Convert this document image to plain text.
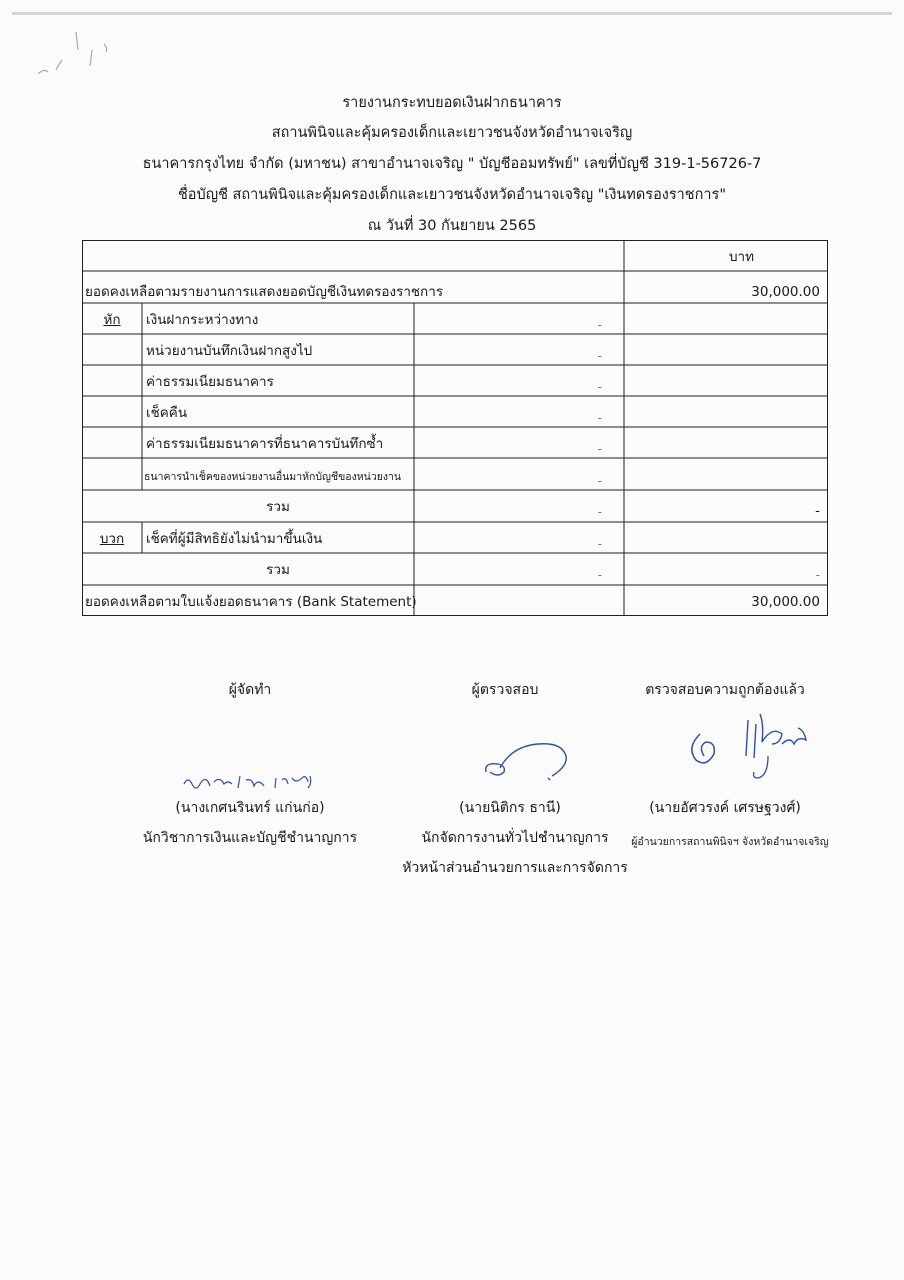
รายงานกระทบยอดเงินฝากธนาคาร
สถานพินิจและคุ้มครองเด็กและเยาวชนจังหวัดอำนาจเจริญ
ธนาคารกรุงไทย จำกัด (มหาชน) สาขาอำนาจเจริญ " บัญชีออมทรัพย์" เลขที่บัญชี 319-1-56726-7
ชื่อบัญชี สถานพินิจและคุ้มครองเด็กและเยาวชนจังหวัดอำนาจเจริญ "เงินทดรองราชการ"
ณ วันที่ 30 กันยายน 2565
บาท
ยอดคงเหลือตามรายงานการแสดงยอดบัญชีเงินทดรองราชการ	30,000.00
หัก	เงินฝากระหว่างทาง	-
หน่วยงานบันทึกเงินฝากสูงไป	-
ค่าธรรมเนียมธนาคาร	-
เช็คคืน	-
ค่าธรรมเนียมธนาคารที่ธนาคารบันทึกซ้ำ	-
ธนาคารนำเช็คของหน่วยงานอื่นมาหักบัญชีของหน่วยงาน	-
รวม	-	-
บวก	เช็คที่ผู้มีสิทธิยังไม่นำมาขึ้นเงิน	-
รวม	-	-
ยอดคงเหลือตามใบแจ้งยอดธนาคาร (Bank Statement)	30,000.00
ผู้จัดทำ
(นางเกศนรินทร์ แก่นก่อ)
นักวิชาการเงินและบัญชีชำนาญการ
ผู้ตรวจสอบ
(นายนิติกร ธานี)
นักจัดการงานทั่วไปชำนาญการ
หัวหน้าส่วนอำนวยการและการจัดการ
ตรวจสอบความถูกต้องแล้ว
(นายอัศวรงค์ เศรษฐวงศ์)
ผู้อำนวยการสถานพินิจฯ จังหวัดอำนาจเจริญ
